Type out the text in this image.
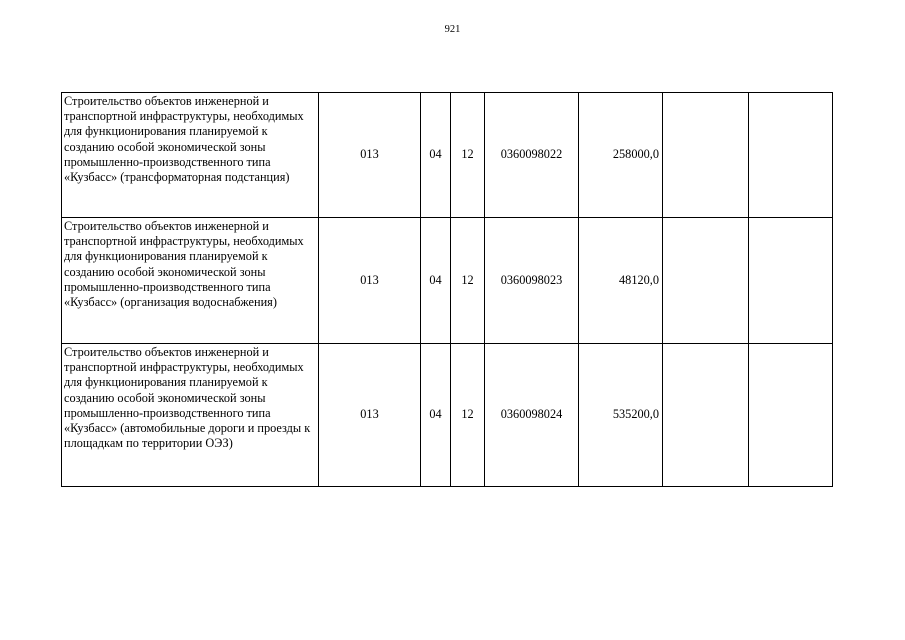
921
Строительство объектов инженерной и транспортной инфраструктуры, необходимых для функционирования планируемой к созданию особой экономической зоны промышленно-производственного типа «Кузбасс» (трансформаторная подстанция)	013	04	12	0360098022	258000,0		
Строительство объектов инженерной и транспортной инфраструктуры, необходимых для функционирования планируемой к созданию особой экономической зоны промышленно-производственного типа «Кузбасс» (организация водоснабжения)	013	04	12	0360098023	48120,0		
Строительство объектов инженерной и транспортной инфраструктуры, необходимых для функционирования планируемой к созданию особой экономической зоны промышленно-производственного типа «Кузбасс» (автомобильные дороги и проезды к площадкам по территории ОЭЗ)	013	04	12	0360098024	535200,0		
